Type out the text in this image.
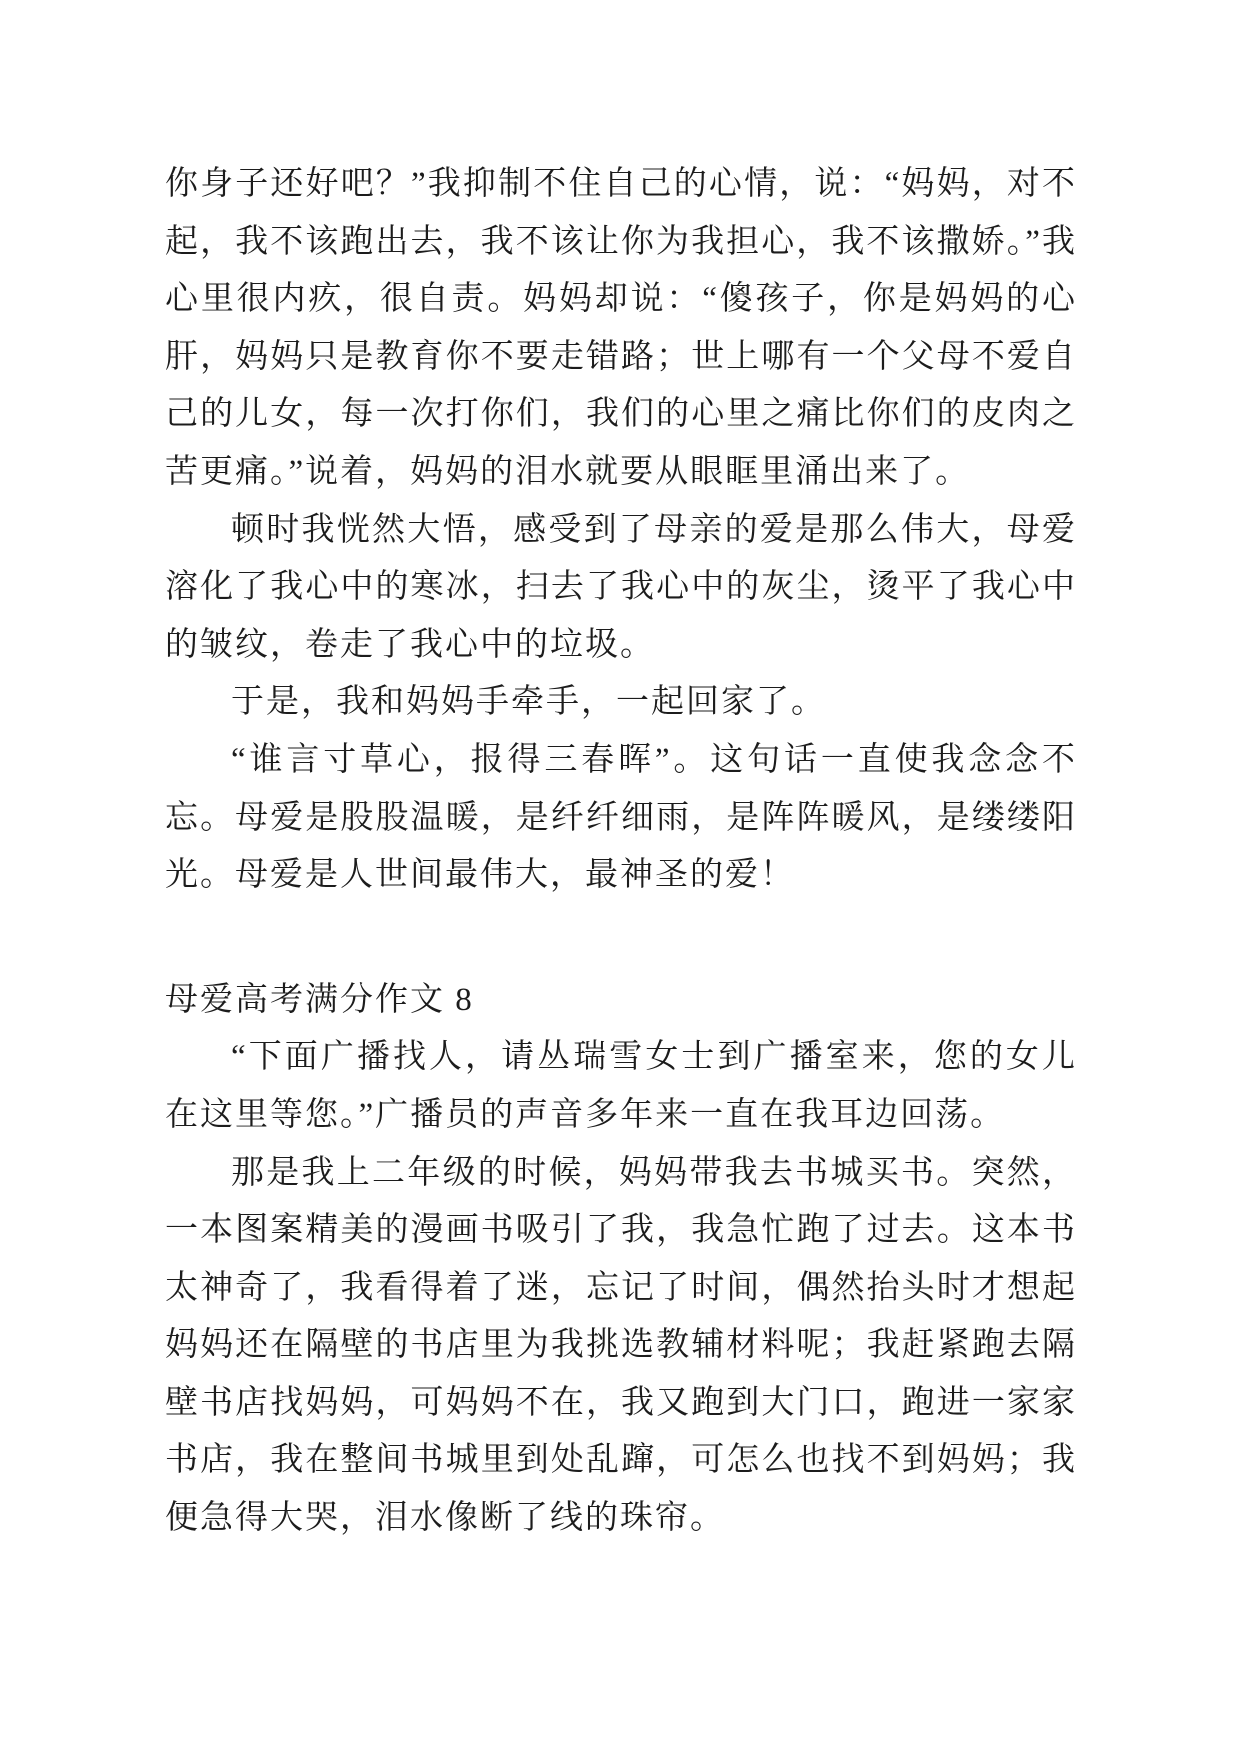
你身子还好吧？”我抑制不住自己的心情，说：“妈妈，对不起，我不该跑出去，我不该让你为我担心，我不该撒娇。”我心里很内疚，很自责。妈妈却说：“傻孩子，你是妈妈的心肝，妈妈只是教育你不要走错路；世上哪有一个父母不爱自己的儿女，每一次打你们，我们的心里之痛比你们的皮肉之苦更痛。”说着，妈妈的泪水就要从眼眶里涌出来了。

顿时我恍然大悟，感受到了母亲的爱是那么伟大，母爱溶化了我心中的寒冰，扫去了我心中的灰尘，烫平了我心中的皱纹，卷走了我心中的垃圾。

于是，我和妈妈手牵手，一起回家了。

“谁言寸草心，报得三春晖”。这句话一直使我念念不忘。母爱是股股温暖，是纤纤细雨，是阵阵暖风，是缕缕阳光。母爱是人世间最伟大，最神圣的爱！

母爱高考满分作文 8

“下面广播找人，请丛瑞雪女士到广播室来，您的女儿在这里等您。”广播员的声音多年来一直在我耳边回荡。

那是我上二年级的时候，妈妈带我去书城买书。突然，一本图案精美的漫画书吸引了我，我急忙跑了过去。这本书太神奇了，我看得着了迷，忘记了时间，偶然抬头时才想起妈妈还在隔壁的书店里为我挑选教辅材料呢；我赶紧跑去隔壁书店找妈妈，可妈妈不在，我又跑到大门口，跑进一家家书店，我在整间书城里到处乱蹿，可怎么也找不到妈妈；我便急得大哭，泪水像断了线的珠帘。
